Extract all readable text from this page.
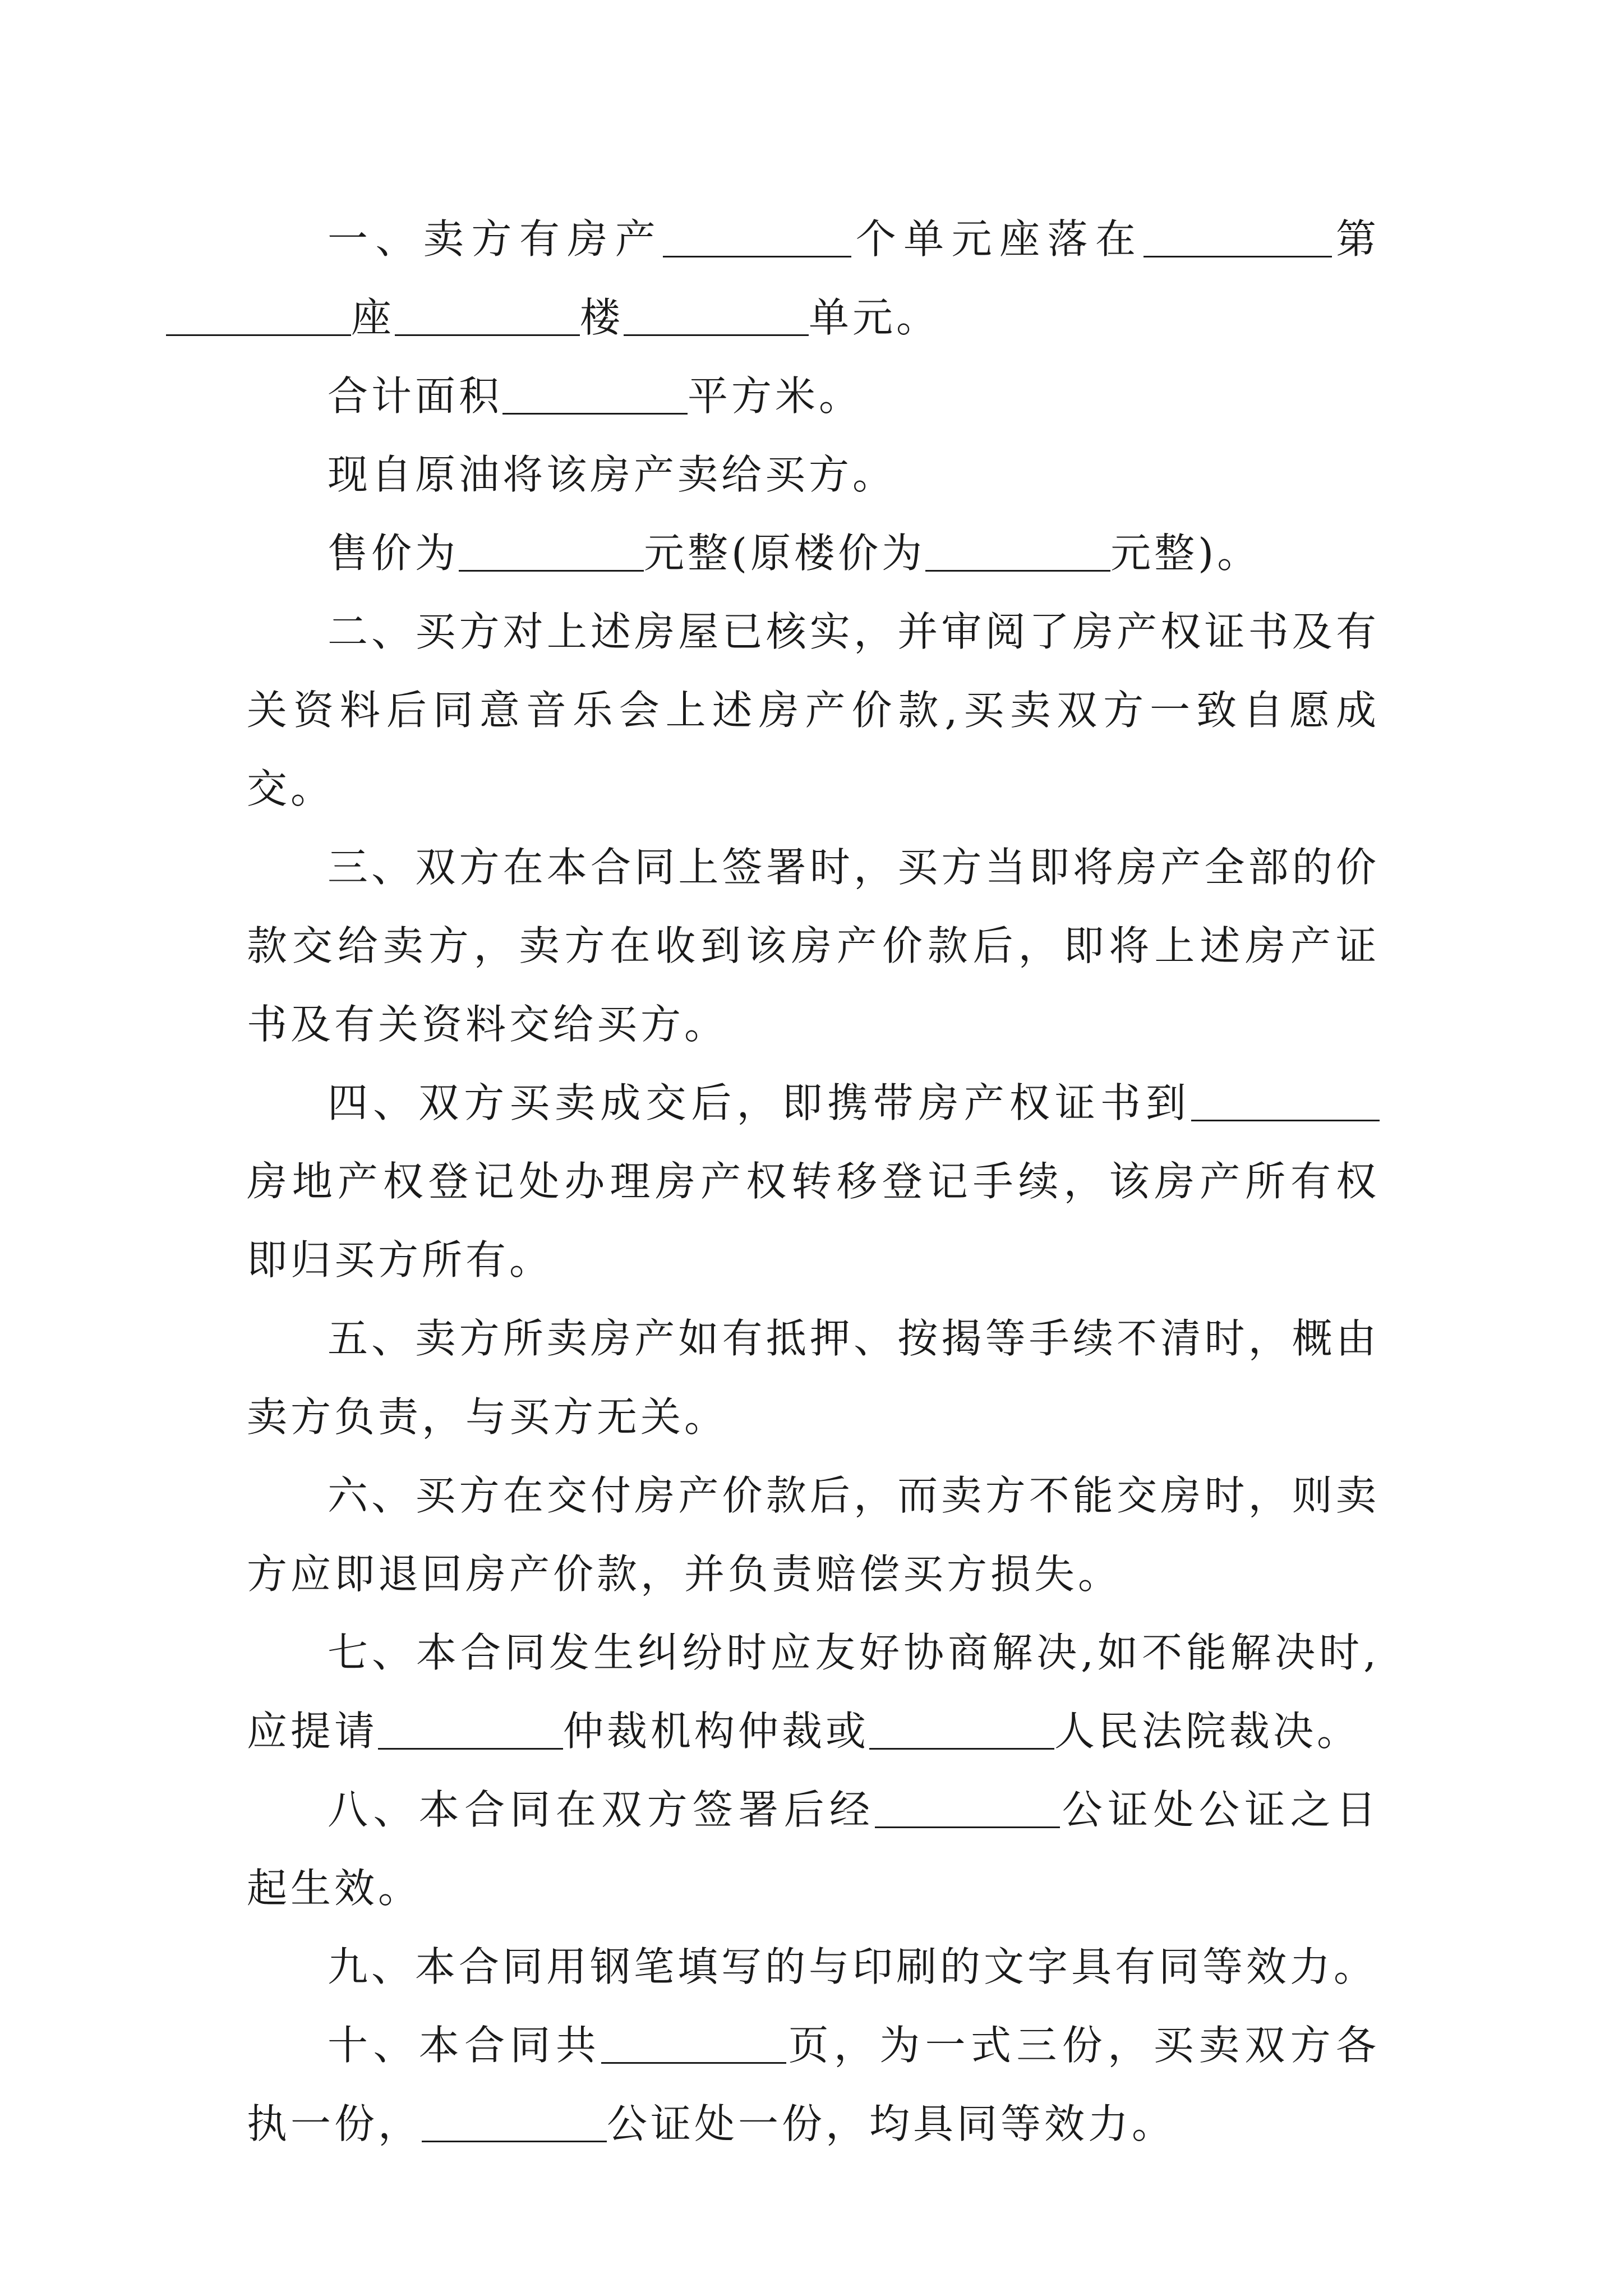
一、卖方有房产	个单元座落在	第座	楼	单元。

合计面积	平方米。

现自原油将该房产卖给买方。

售价为	元整(原楼价为	元整)。

二、买方对上述房屋已核实，并审阅了房产权证书及有关资料后同意音乐会上述房产价款,买卖双方一致自愿成交。

三、双方在本合同上签署时，买方当即将房产全部的价款交给卖方，卖方在收到该房产价款后，即将上述房产证书及有关资料交给买方。

四、双方买卖成交后，即携带房产权证书到房地产权登记处办理房产权转移登记手续，该房产所有权即归买方所有。

五、卖方所卖房产如有抵押、按揭等手续不清时，概由卖方负责，与买方无关。

六、买方在交付房产价款后，而卖方不能交房时，则卖方应即退回房产价款，并负责赔偿买方损失。

七、本合同发生纠纷时应友好协商解决,如不能解决时,应提请	仲裁机构仲裁或	人民法院裁决。

八、本合同在双方签署后经	公证处公证之日起生效。

九、本合同用钢笔填写的与印刷的文字具有同等效力。

十、本合同共	页，为一式三份，买卖双方各执一份，	公证处一份，均具同等效力。
